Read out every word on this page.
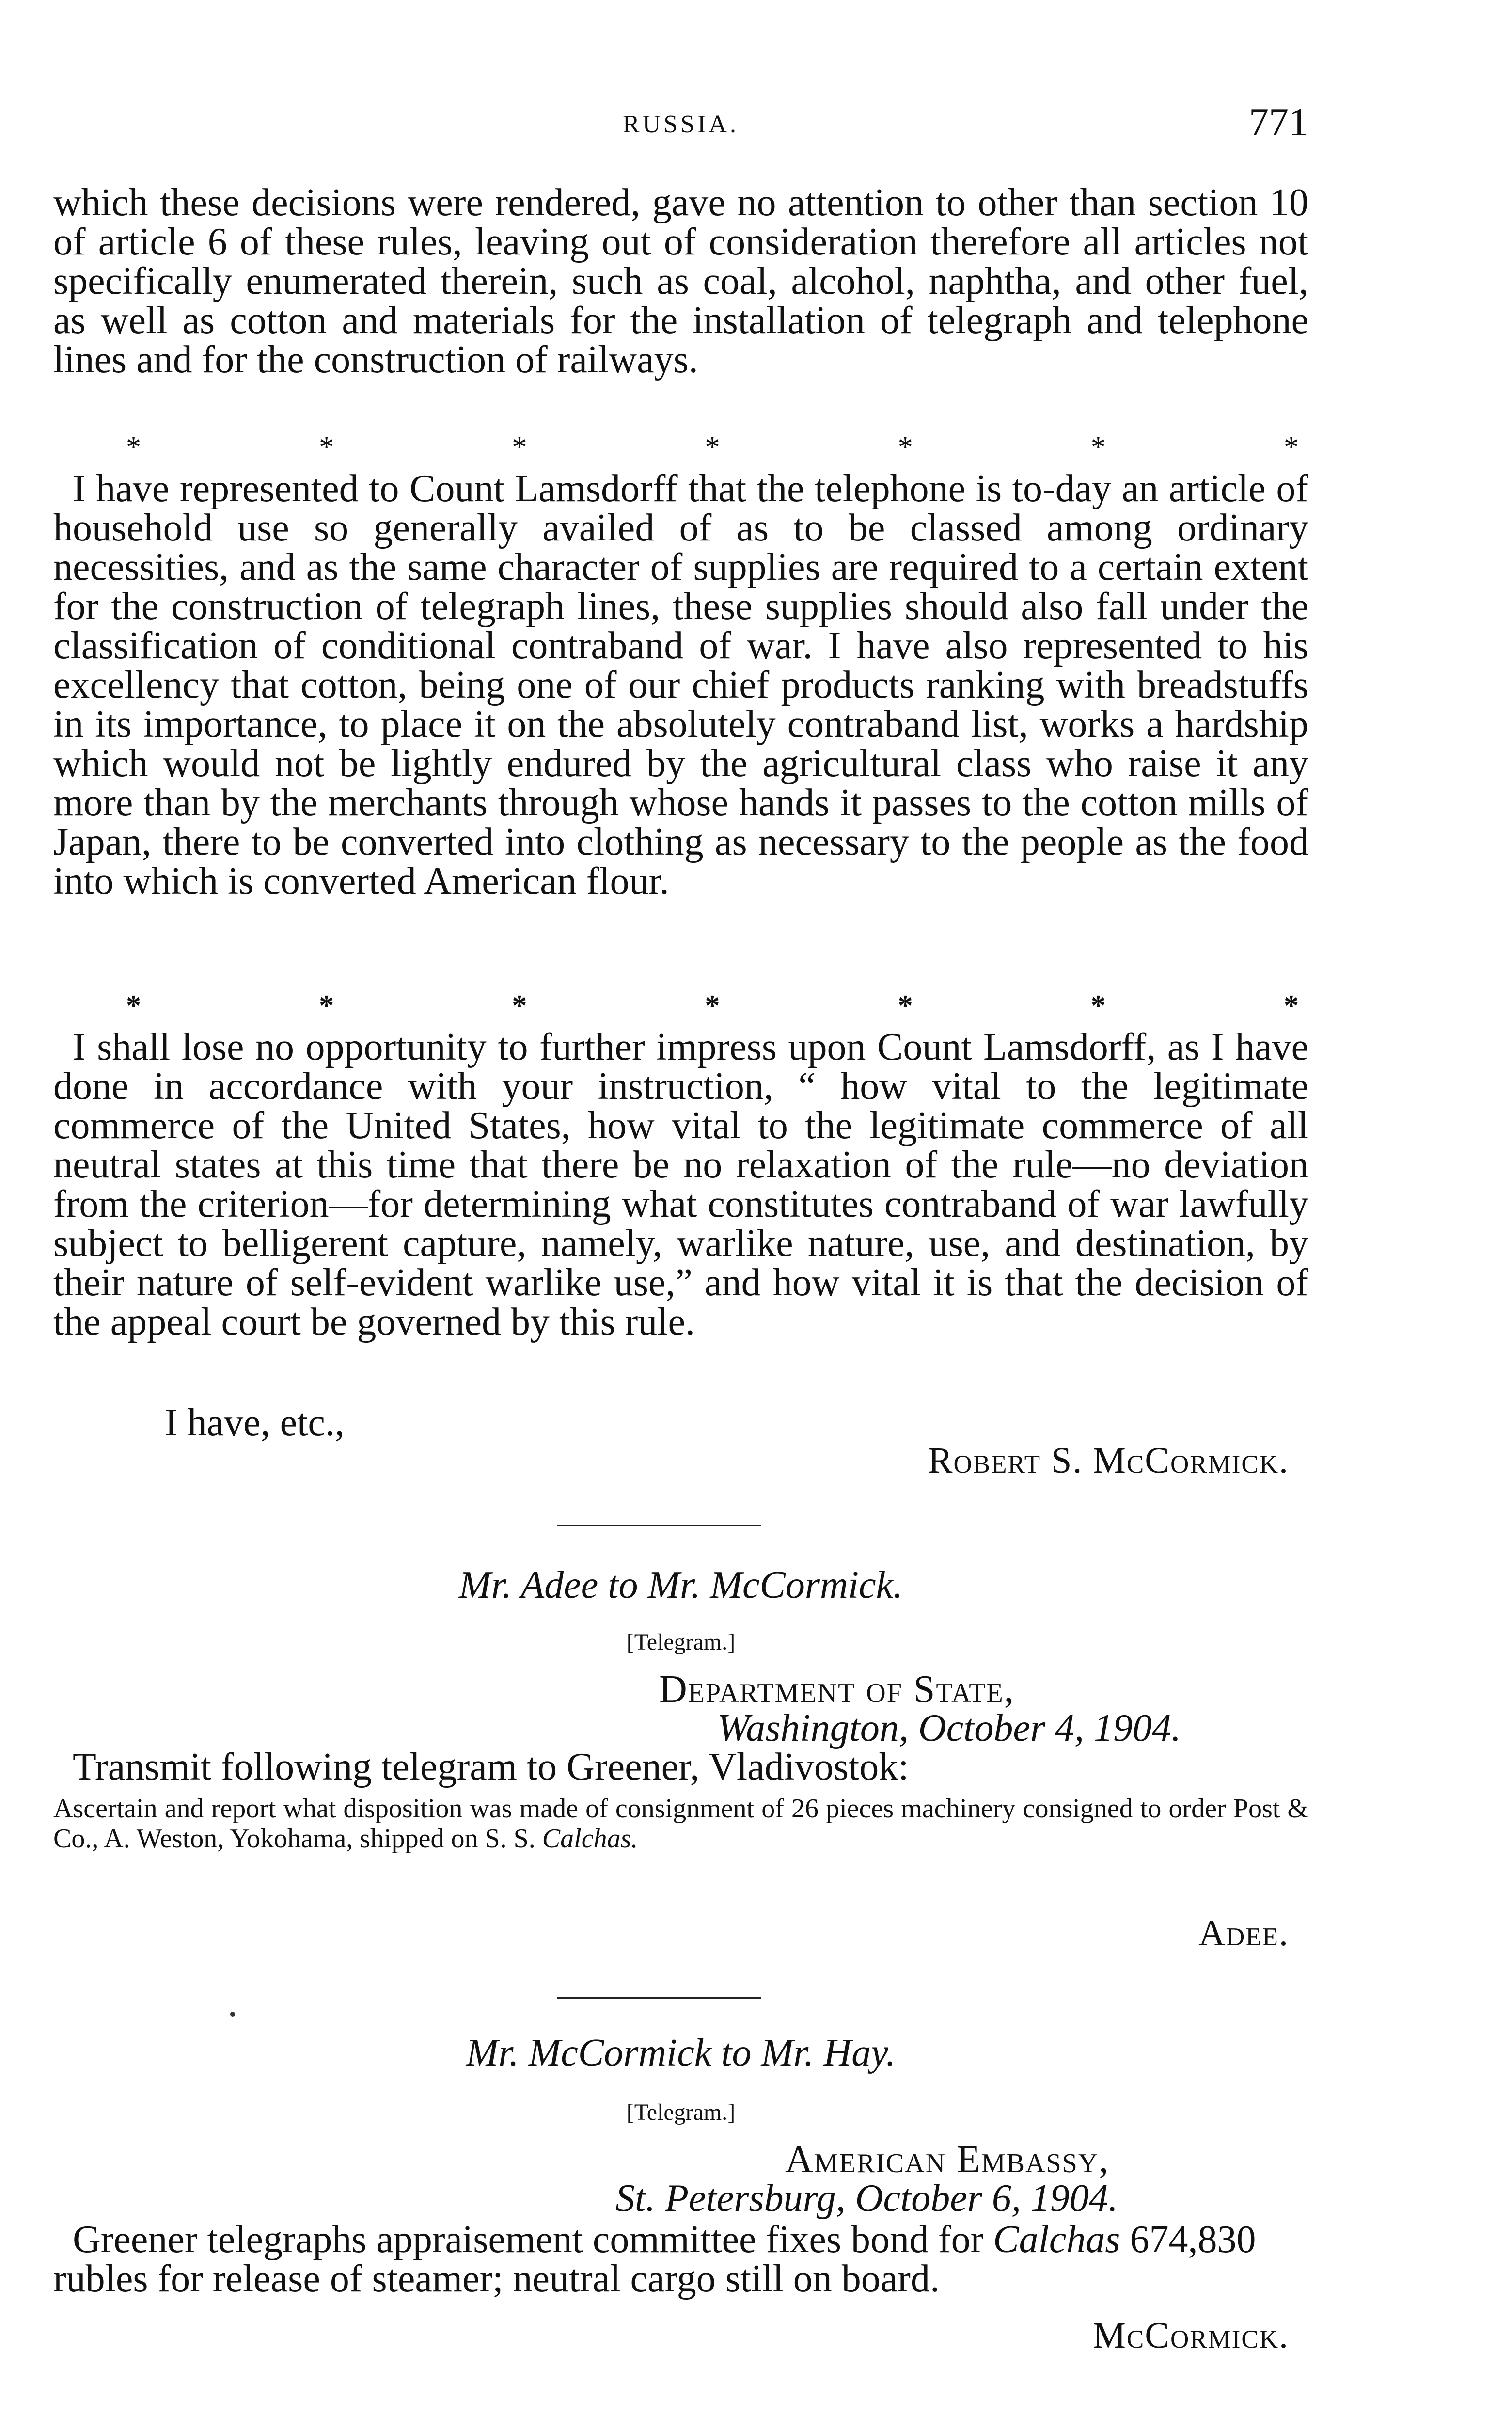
RUSSIA.	771

which these decisions were rendered, gave no attention to other than section 10 of article 6 of these rules, leaving out of consideration therefore all articles not specifically enumerated therein, such as coal, alcohol, naphtha, and other fuel, as well as cotton and materials for the installation of telegraph and telephone lines and for the construction of railways.

*	*	*	*	*	*	*

I have represented to Count Lamsdorff that the telephone is to-day an article of household use so generally availed of as to be classed among ordinary necessities, and as the same character of supplies are required to a certain extent for the construction of telegraph lines, these supplies should also fall under the classification of conditional contraband of war. I have also represented to his excellency that cotton, being one of our chief products ranking with breadstuffs in its importance, to place it on the absolutely contraband list, works a hardship which would not be lightly endured by the agricultural class who raise it any more than by the merchants through whose hands it passes to the cotton mills of Japan, there to be converted into clothing as necessary to the people as the food into which is converted American flour.

*	*	*	*	*	*	*

I shall lose no opportunity to further impress upon Count Lamsdorff, as I have done in accordance with your instruction, “ how vital to the legitimate commerce of the United States, how vital to the legitimate commerce of all neutral states at this time that there be no relaxation of the rule—no deviation from the criterion—for determining what constitutes contraband of war lawfully subject to belligerent capture, namely, warlike nature, use, and destination, by their nature of self-evident warlike use,” and how vital it is that the decision of the appeal court be governed by this rule.

I have, etc.,
Robert S. McCormick.
Mr. Adee to Mr. McCormick.
[Telegram.]
Department of State,
Washington, October 4, 1904.
Transmit following telegram to Greener, Vladivostok:

Ascertain and report what disposition was made of consignment of 26 pieces machinery consigned to order Post & Co., A. Weston, Yokohama, shipped on S. S. Calchas.

Adee.
Mr. McCormick to Mr. Hay.
[Telegram.]
American Embassy,
St. Petersburg, October 6, 1904.

Greener telegraphs appraisement committee fixes bond for Calchas 674,830 rubles for release of steamer; neutral cargo still on board.

McCormick.
